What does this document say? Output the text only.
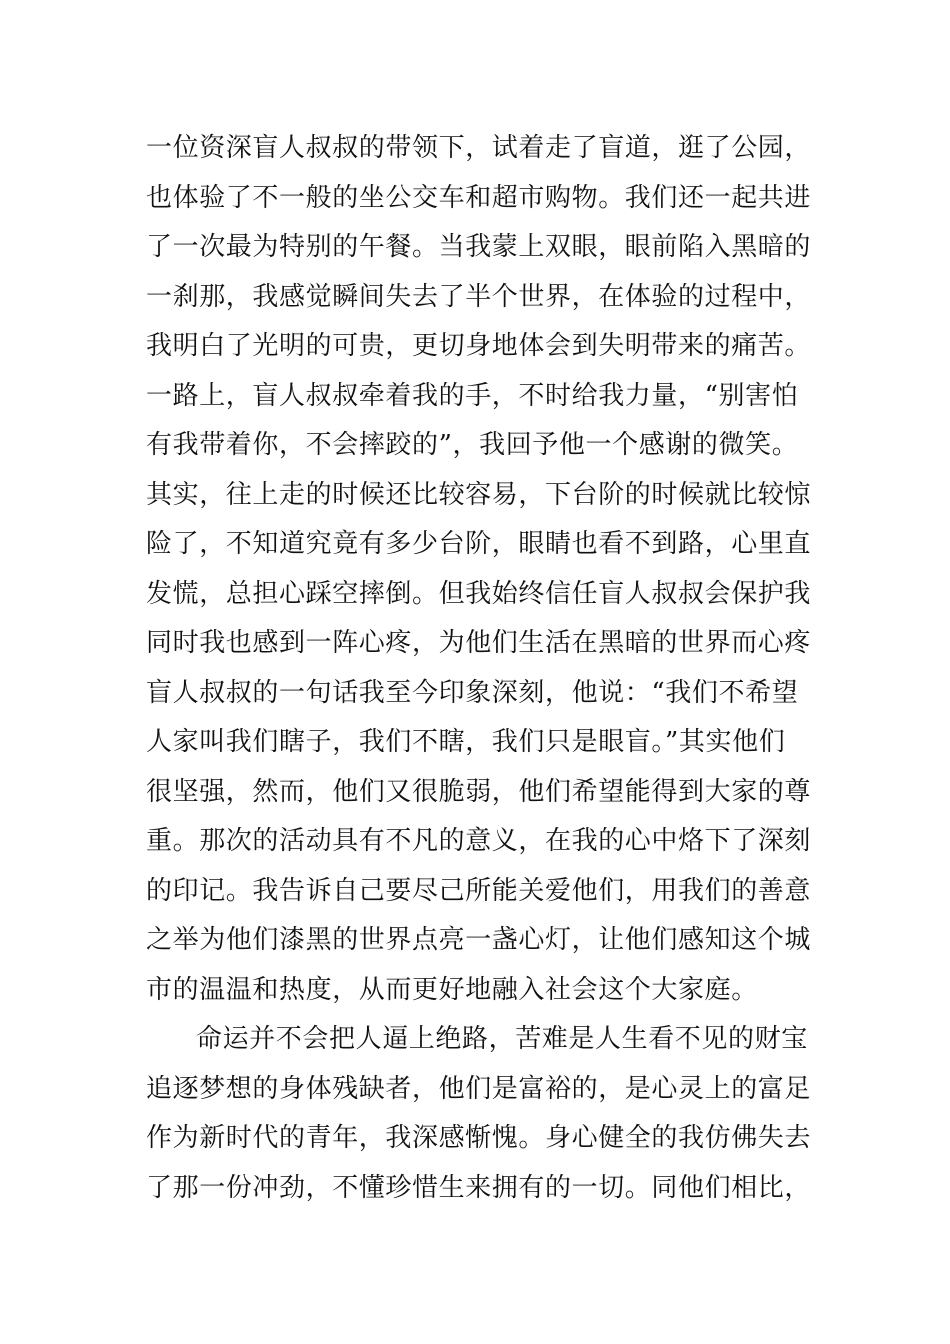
一位资深盲人叔叔的带领下，试着走了盲道，逛了公园，
也体验了不一般的坐公交车和超市购物。我们还一起共进
了一次最为特别的午餐。当我蒙上双眼，眼前陷入黑暗的
一刹那，我感觉瞬间失去了半个世界，在体验的过程中，
我明白了光明的可贵，更切身地体会到失明带来的痛苦。
一路上，盲人叔叔牵着我的手，不时给我力量，“别害怕
有我带着你，不会摔跤的”，我回予他一个感谢的微笑。
其实，往上走的时候还比较容易，下台阶的时候就比较惊
险了，不知道究竟有多少台阶，眼睛也看不到路，心里直
发慌，总担心踩空摔倒。但我始终信任盲人叔叔会保护我
同时我也感到一阵心疼，为他们生活在黑暗的世界而心疼
盲人叔叔的一句话我至今印象深刻，他说：“我们不希望
人家叫我们瞎子，我们不瞎，我们只是眼盲。”其实他们
很坚强，然而，他们又很脆弱，他们希望能得到大家的尊
重。那次的活动具有不凡的意义，在我的心中烙下了深刻
的印记。我告诉自己要尽己所能关爱他们，用我们的善意
之举为他们漆黑的世界点亮一盏心灯，让他们感知这个城
市的温温和热度，从而更好地融入社会这个大家庭。
命运并不会把人逼上绝路，苦难是人生看不见的财宝
追逐梦想的身体残缺者，他们是富裕的，是心灵上的富足
作为新时代的青年，我深感惭愧。身心健全的我仿佛失去
了那一份冲劲，不懂珍惜生来拥有的一切。同他们相比，
